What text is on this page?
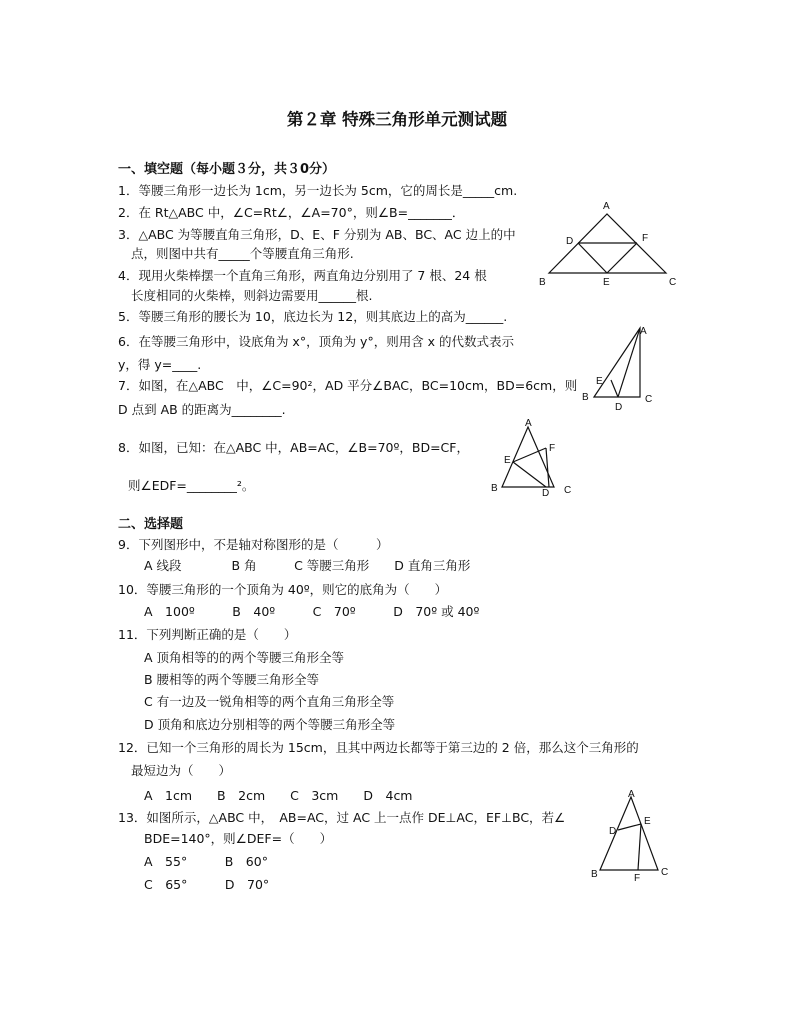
第２章 特殊三角形单元测试题
一、填空题（每小题３分，共３0分）
1．等腰三角形一边长为 1cm，另一边长为 5cm，它的周长是_____cm.
2．在 Rt△ABC 中，∠C=Rt∠，∠A=70°，则∠B=_______．
3．△ABC 为等腰直角三角形，D、E、F 分别为 AB、BC、AC 边上的中
点，则图中共有_____个等腰直角三角形.
4．现用火柴棒摆一个直角三角形，两直角边分别用了 7 根、24 根
长度相同的火柴棒，则斜边需要用______根.
5．等腰三角形的腰长为 10，底边长为 12，则其底边上的高为______.
6．在等腰三角形中，设底角为 x°，顶角为 y°，则用含 x 的代数式表示
y，得 y=____.
7．如图，在△ABC　中，∠C=90²，AD 平分∠BAC，BC=10cm，BD=6cm，则
D 点到 AB 的距离为________.
8．如图，已知：在△ABC 中，AB=AC，∠B=70º，BD=CF，
则∠EDF=________²。
二、选择题
9．下列图形中，不是轴对称图形的是（　　　）
A 线段　　　　B 角　　　C 等腰三角形　　D 直角三角形
10．等腰三角形的一个顶角为 40º，则它的底角为（　　）
A　100º　　　B　40º　　　C　70º　　　D　70º 或 40º
11．下列判断正确的是（　　）
A 顶角相等的的两个等腰三角形全等
B 腰相等的两个等腰三角形全等
C 有一边及一锐角相等的两个直角三角形全等
D 顶角和底边分别相等的两个等腰三角形全等
12．已知一个三角形的周长为 15cm，且其中两边长都等于第三边的 2 倍，那么这个三角形的
最短边为（　　）
A　1cm　　B　2cm　　C　3cm　　D　4cm
13．如图所示，△ABC 中，　AB=AC，过 AC 上一点作 DE⊥AC，EF⊥BC，若∠
BDE=140°，则∠DEF=（　　）
A　55°　　　B　60°
C　65°　　　D　70°
A
D	F
B	E	C
A
E
B
D
C
A
F
E
B	D C
A
D
E
B	F
C
